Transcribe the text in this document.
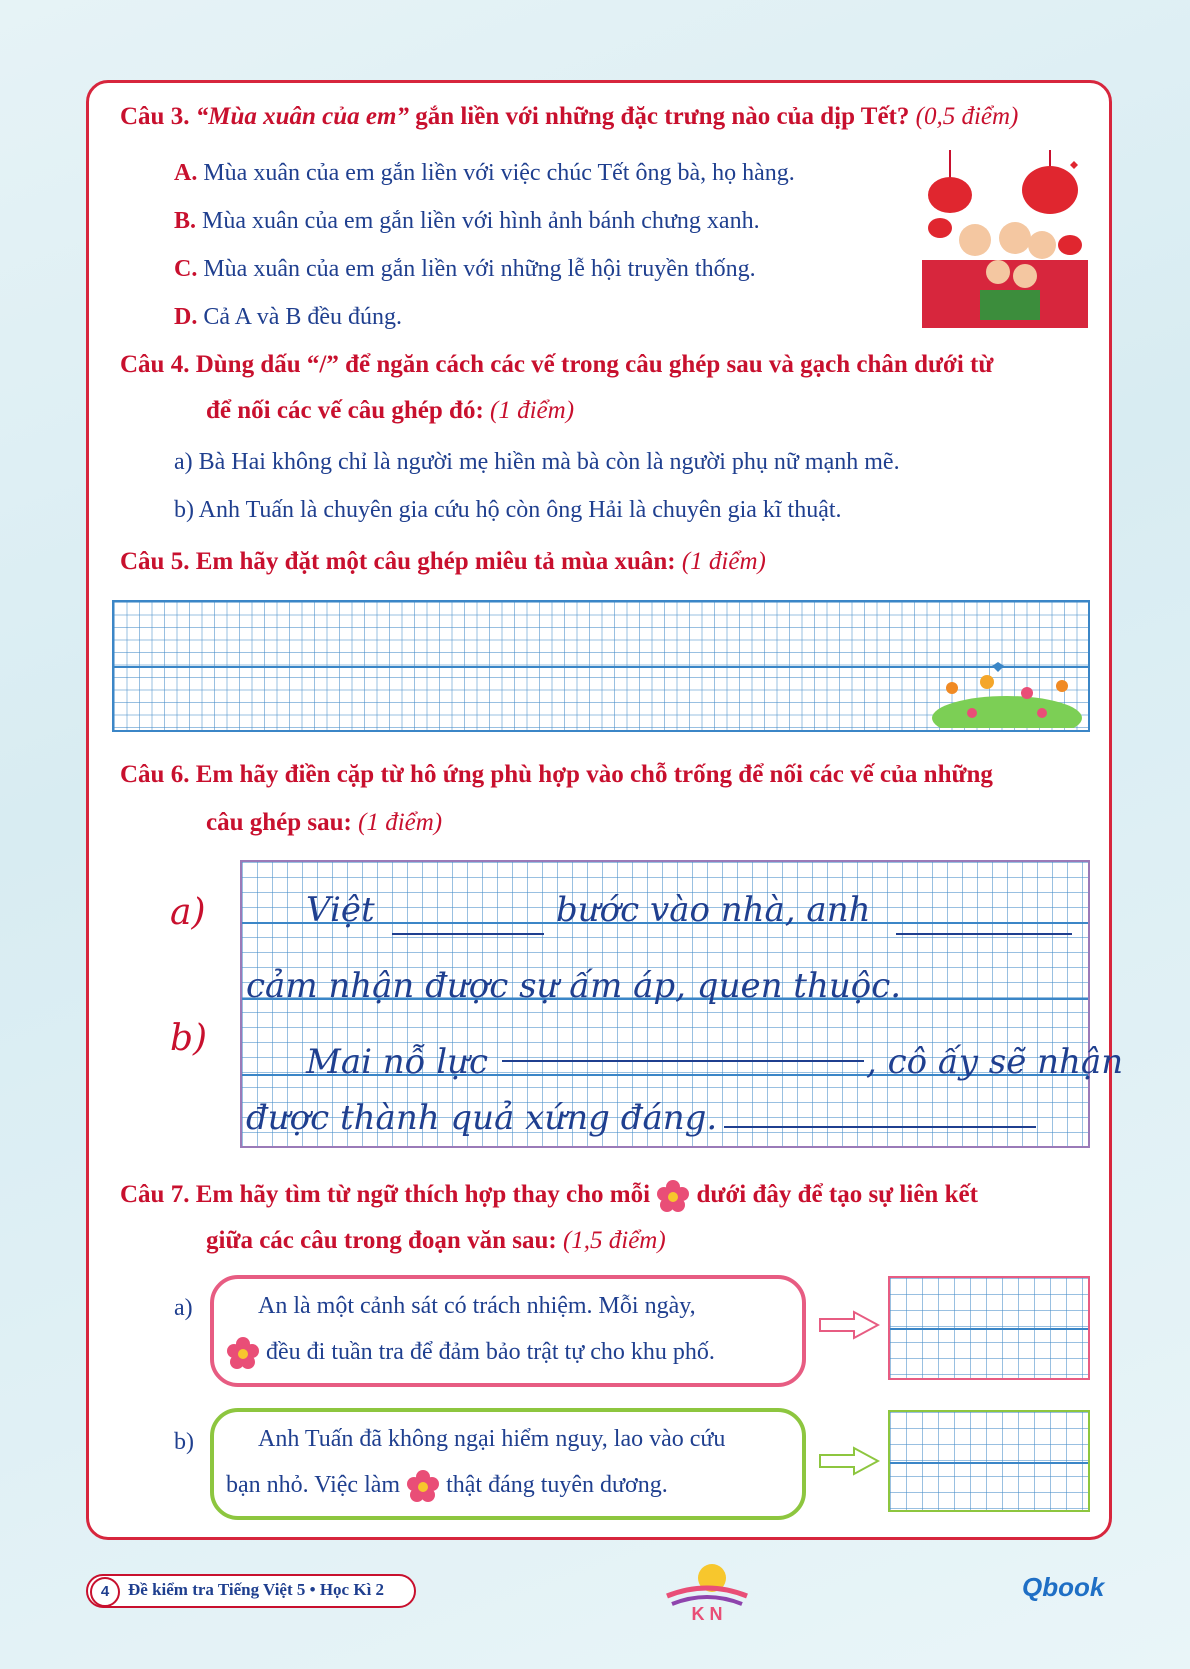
Câu 3. “Mùa xuân của em” gắn liền với những đặc trưng nào của dịp Tết? (0,5 điểm)
A. Mùa xuân của em gắn liền với việc chúc Tết ông bà, họ hàng.
B. Mùa xuân của em gắn liền với hình ảnh bánh chưng xanh.
C. Mùa xuân của em gắn liền với những lễ hội truyền thống.
D. Cả A và B đều đúng.
Câu 4. Dùng dấu “/” để ngăn cách các vế trong câu ghép sau và gạch chân dưới từ
để nối các vế câu ghép đó: (1 điểm)
a) Bà Hai không chỉ là người mẹ hiền mà bà còn là người phụ nữ mạnh mẽ.
b) Anh Tuấn là chuyên gia cứu hộ còn ông Hải là chuyên gia kĩ thuật.
Câu 5. Em hãy đặt một câu ghép miêu tả mùa xuân: (1 điểm)
Câu 6. Em hãy điền cặp từ hô ứng phù hợp vào chỗ trống để nối các vế của những
câu ghép sau: (1 điểm)
a)
b)
Việt	bước vào nhà, anh
cảm nhận được sự ấm áp, quen thuộc.
Mai nỗ lực	, cô ấy sẽ nhận
được thành quả xứng đáng.
Câu 7. Em hãy tìm từ ngữ thích hợp thay cho mỗi dưới đây để tạo sự liên kết
giữa các câu trong đoạn văn sau: (1,5 điểm)
a)	An là một cảnh sát có trách nhiệm. Mỗi ngày,
đều đi tuần tra để đảm bảo trật tự cho khu phố.
b)	Anh Tuấn đã không ngại hiểm nguy, lao vào cứu
bạn nhỏ. Việc làm thật đáng tuyên dương.
4	Đề kiểm tra Tiếng Việt 5 • Học Kì 2
K N
Qbook
